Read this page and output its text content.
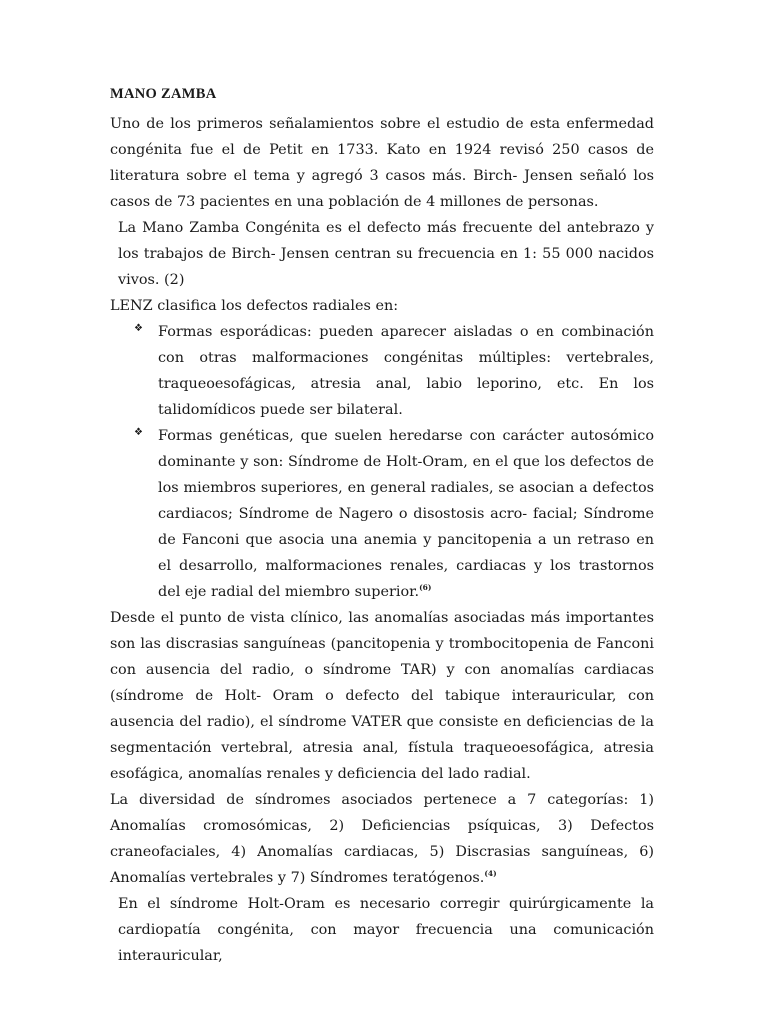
MANO ZAMBA

Uno de los primeros señalamientos sobre el estudio de esta enfermedad congénita fue el de Petit en 1733. Kato en 1924 revisó 250 casos de literatura sobre el tema y agregó 3 casos más. Birch- Jensen señaló los casos de 73 pacientes en una población de 4 millones de personas.

La Mano Zamba Congénita es el defecto más frecuente del antebrazo y los trabajos de Birch- Jensen centran su frecuencia en 1: 55 000 nacidos vivos. (2)

LENZ clasifica los defectos radiales en:

❖ Formas esporádicas: pueden aparecer aisladas o en combinación con otras malformaciones congénitas múltiples: vertebrales, traqueoesofágicas, atresia anal, labio leporino, etc. En los talidomídicos puede ser bilateral.
❖ Formas genéticas, que suelen heredarse con carácter autosómico dominante y son: Síndrome de Holt-Oram, en el que los defectos de los miembros superiores, en general radiales, se asocian a defectos cardiacos; Síndrome de Nagero o disostosis acro- facial; Síndrome de Fanconi que asocia una anemia y pancitopenia a un retraso en el desarrollo, malformaciones renales, cardiacas y los trastornos del eje radial del miembro superior.$^{(6)}$

Desde el punto de vista clínico, las anomalías asociadas más importantes son las discrasias sanguíneas (pancitopenia y trombocitopenia de Fanconi con ausencia del radio, o síndrome TAR) y con anomalías cardiacas (síndrome de Holt- Oram o defecto del tabique interauricular, con ausencia del radio), el síndrome VATER que consiste en deficiencias de la segmentación vertebral, atresia anal, fístula traqueoesofágica, atresia esofágica, anomalías renales y deficiencia del lado radial.

La diversidad de síndromes asociados pertenece a 7 categorías: 1) Anomalías cromosómicas, 2) Deficiencias psíquicas, 3) Defectos craneofaciales, 4) Anomalías cardiacas, 5) Discrasias sanguíneas, 6) Anomalías vertebrales y 7) Síndromes teratógenos.$^{(4)}$

En el síndrome Holt-Oram es necesario corregir quirúrgicamente la cardiopatía congénita, con mayor frecuencia una comunicación interauricular,
